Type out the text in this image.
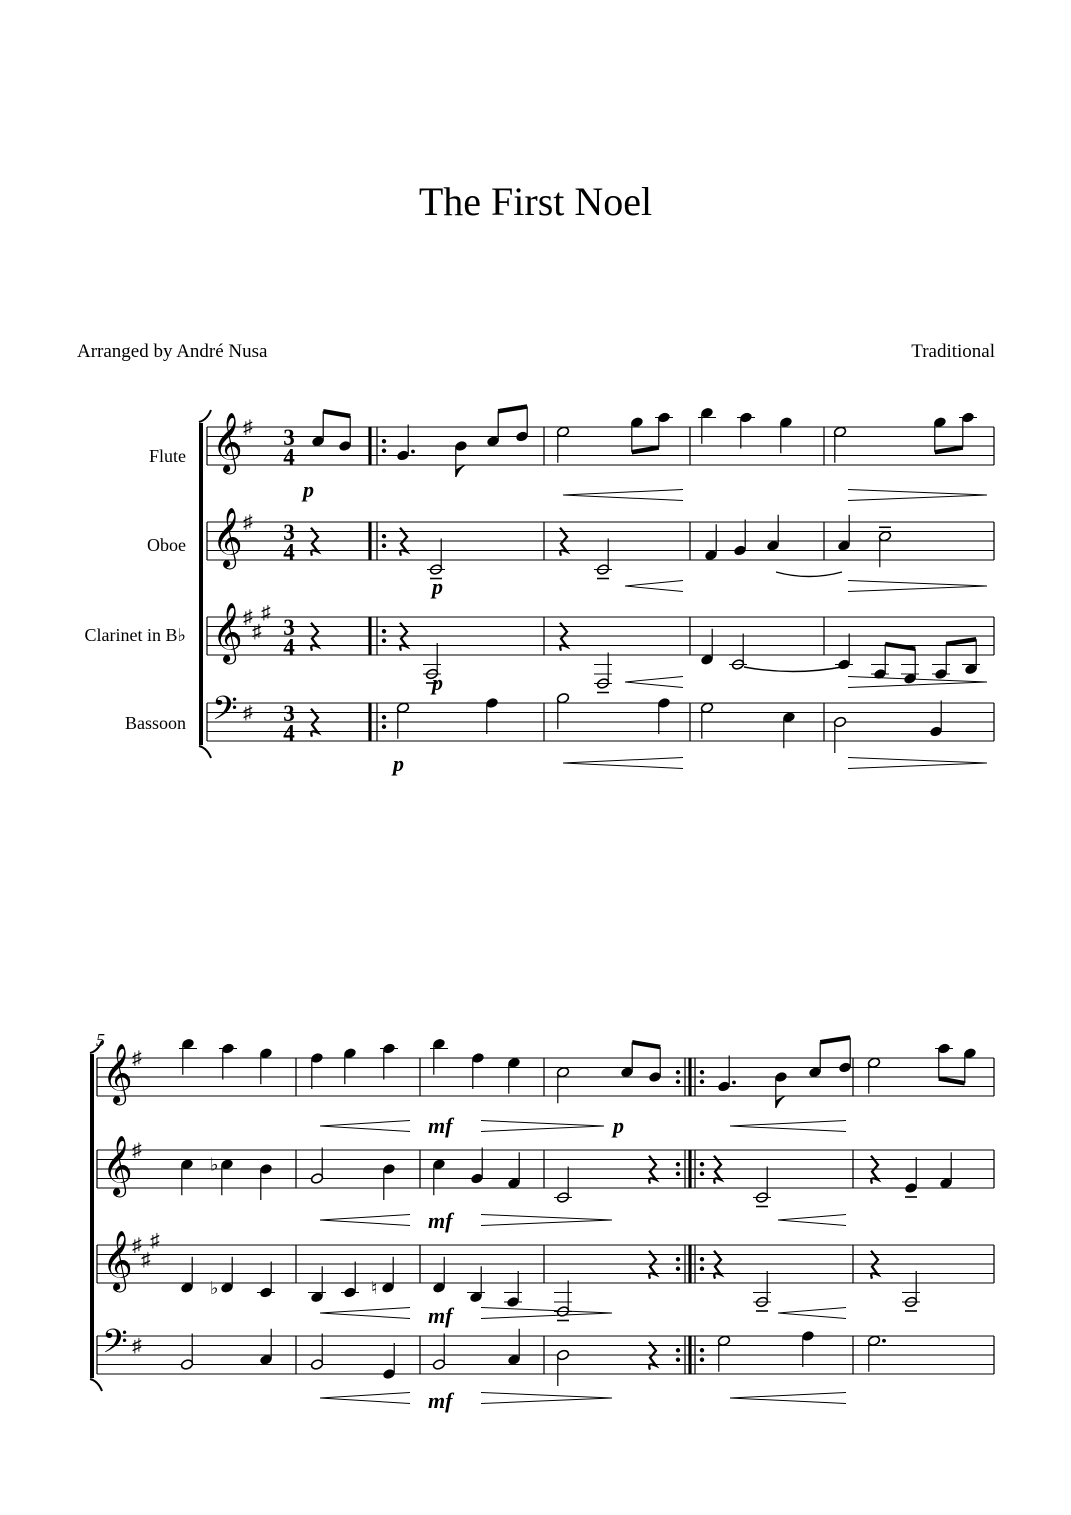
The First Noel
Arranged by André Nusa	Traditional
Flute 𝄞
Oboe 𝄞
Clarinet in B♭ 𝄞
Bassoon 𝄢
♯
♯
♯
♯
♯
♯
3
4
3
4
3
4
3
4
p
p
p
p
5
𝄞
𝄞
𝄞
𝄢
♯
♯
♯
♯
♯
♯
mf	p
♭
mf
♭	♮
mf
mf
